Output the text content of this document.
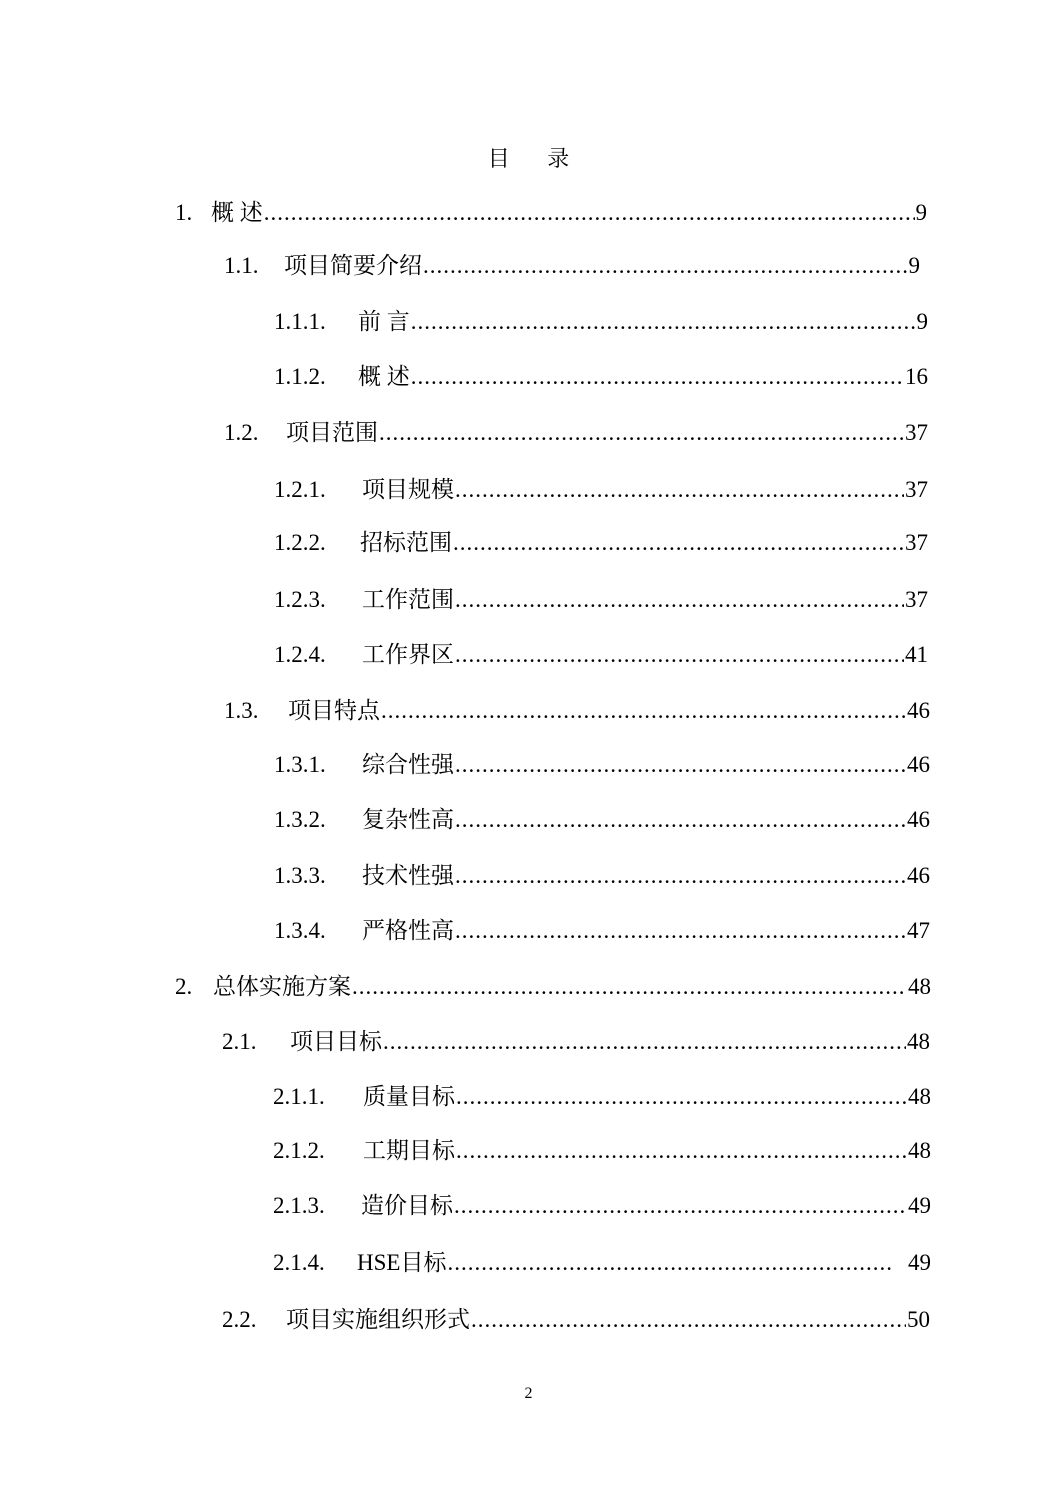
目 录
1. 概 述 .....	9
1.1.	项目简要介绍 .....	9
1.1.1.	前 言 .....	9
1.1.2.	概 述 .....	16
1.2.	项目范围 .....	37
1.2.1.	项目规模 .....	37
1.2.2.	招标范围 .....	37
1.2.3.	工作范围 .....	37
1.2.4.	工作界区 .....	41
1.3.	项目特点 .....	46
1.3.1.	综合性强 .....	46
1.3.2.	复杂性高 .....	46
1.3.3.	技术性强 .....	46
1.3.4.	严格性高 .....	47
2. 总体实施方案 .....	48
2.1.	项目目标 .....	48
2.1.1.	质量目标 .....	48
2.1.2.	工期目标 .....	48
2.1.3.	造价目标 .....	49
2.1.4.	HSE目标 .....	49
2.2.	项目实施组织形式 .....	50
2
